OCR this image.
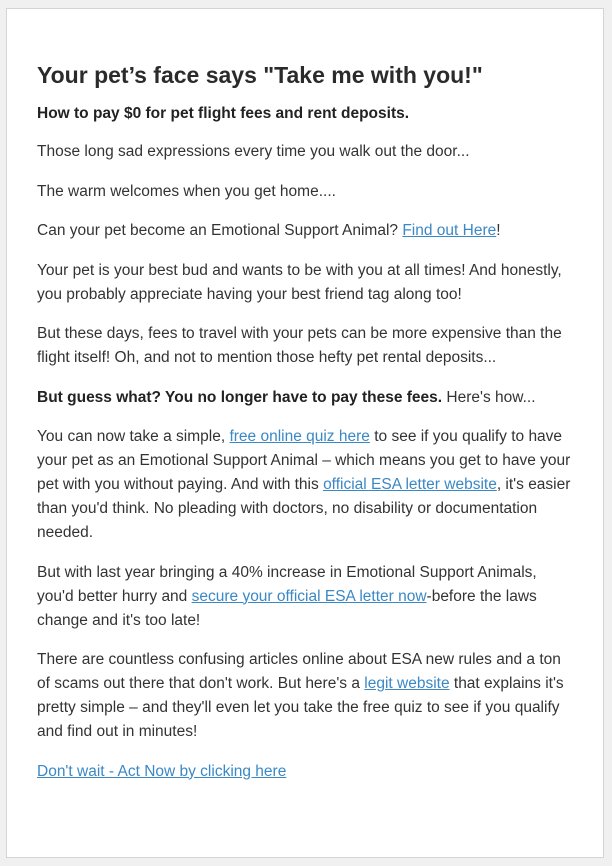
Your pet’s face says "Take me with you!"

How to pay $0 for pet flight fees and rent deposits.

Those long sad expressions every time you walk out the door...

The warm welcomes when you get home....

Can your pet become an Emotional Support Animal? Find out Here!

Your pet is your best bud and wants to be with you at all times! And honestly, you probably appreciate having your best friend tag along too!

But these days, fees to travel with your pets can be more expensive than the flight itself! Oh, and not to mention those hefty pet rental deposits...

But guess what? You no longer have to pay these fees. Here's how...

You can now take a simple, free online quiz here to see if you qualify to have your pet as an Emotional Support Animal – which means you get to have your pet with you without paying. And with this official ESA letter website, it's easier than you'd think. No pleading with doctors, no disability or documentation needed.

But with last year bringing a 40% increase in Emotional Support Animals, you'd better hurry and secure your official ESA letter now-before the laws change and it's too late!

There are countless confusing articles online about ESA new rules and a ton of scams out there that don't work. But here's a legit website that explains it's pretty simple – and they'll even let you take the free quiz to see if you qualify and find out in minutes!

Don't wait - Act Now by clicking here
